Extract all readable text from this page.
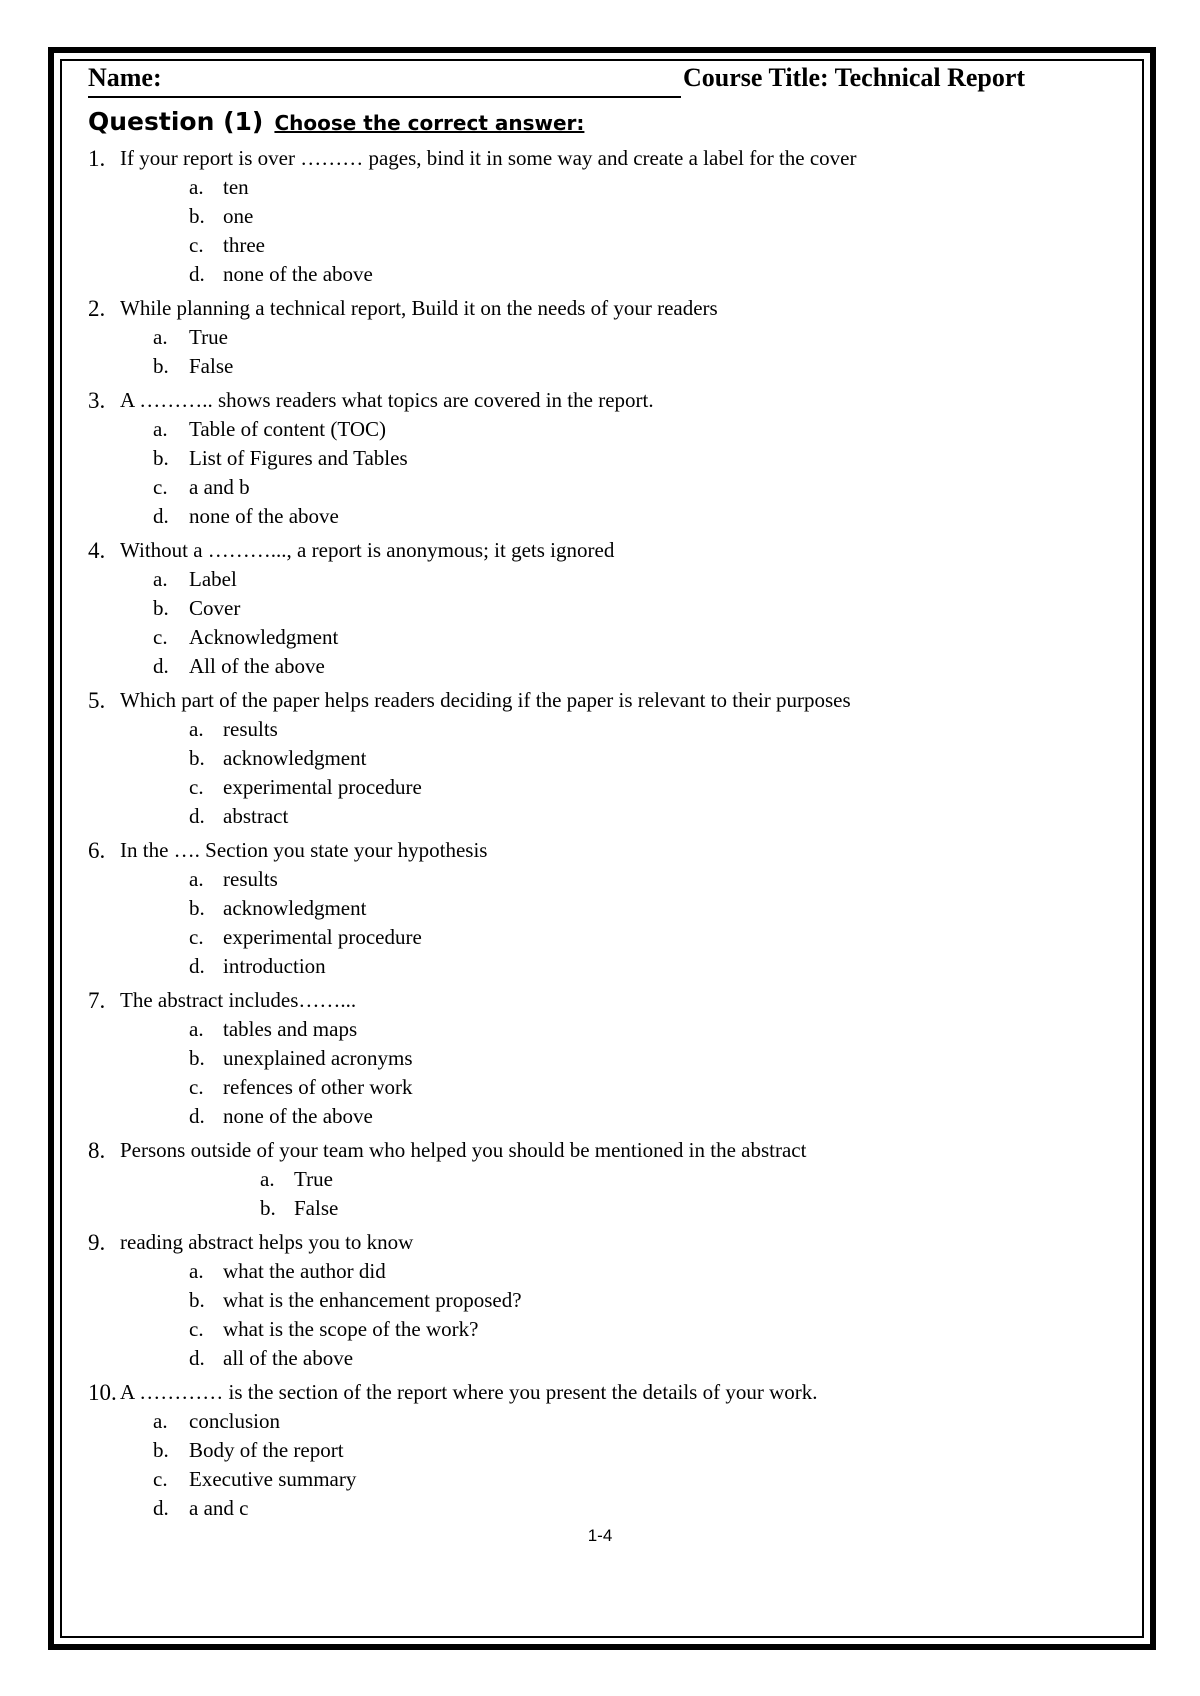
Name:	Course Title: Technical Report
Question (1) Choose the correct answer:
1. If your report is over ……… pages, bind it in some way and create a label for the cover
a. ten
b. one
c. three
d. none of the above
2. While planning a technical report, Build it on the needs of your readers
a. True
b. False
3. A ……….. shows readers what topics are covered in the report.
a. Table of content (TOC)
b. List of Figures and Tables
c. a and b
d. none of the above
4. Without a ………..., a report is anonymous; it gets ignored
a. Label
b. Cover
c. Acknowledgment
d. All of the above
5. Which part of the paper helps readers deciding if the paper is relevant to their purposes
a. results
b. acknowledgment
c. experimental procedure
d. abstract
6. In the …. Section you state your hypothesis
a. results
b. acknowledgment
c. experimental procedure
d. introduction
7. The abstract includes……...
a. tables and maps
b. unexplained acronyms
c. refences of other work
d. none of the above
8. Persons outside of your team who helped you should be mentioned in the abstract
a. True
b. False
9. reading abstract helps you to know
a. what the author did
b. what is the enhancement proposed?
c. what is the scope of the work?
d. all of the above
10. A ………… is the section of the report where you present the details of your work.
a. conclusion
b. Body of the report
c. Executive summary
d. a and c
1-4
